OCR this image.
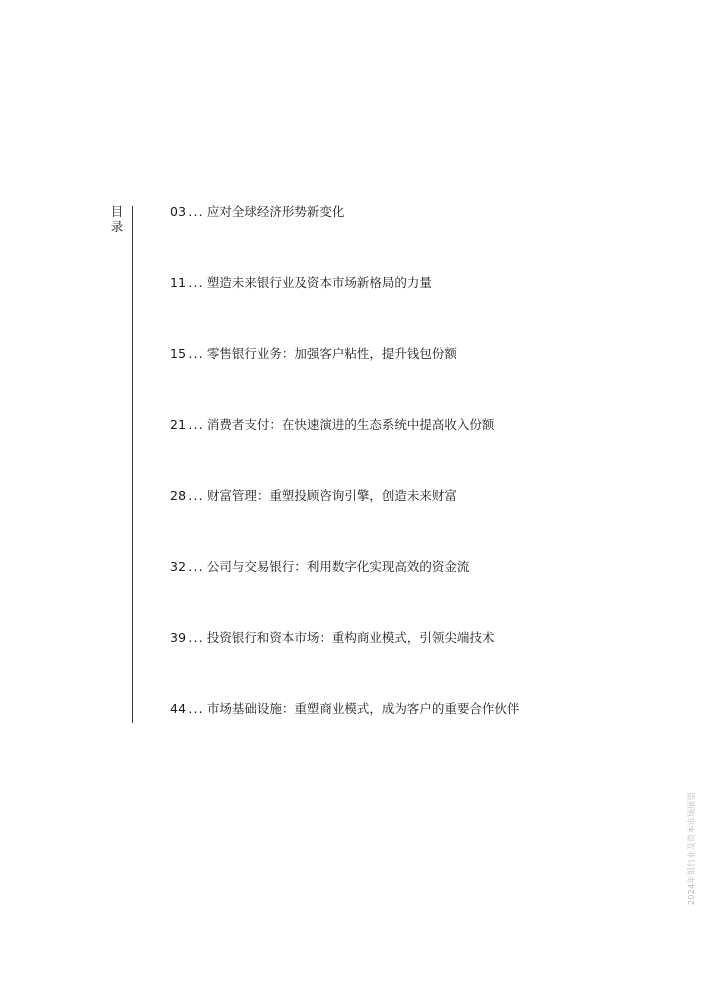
目
录
03 ... 应对全球经济形势新变化
11 ... 塑造未来银行业及资本市场新格局的力量
15 ... 零售银行业务：加强客户粘性，提升钱包份额
21 ... 消费者支付：在快速演进的生态系统中提高收入份额
28 ... 财富管理：重塑投顾咨询引擎，创造未来财富
32 ... 公司与交易银行：利用数字化实现高效的资金流
39 ... 投资银行和资本市场：重构商业模式，引领尖端技术
44 ... 市场基础设施：重塑商业模式，成为客户的重要合作伙伴
2024年银行业及资本市场展望
